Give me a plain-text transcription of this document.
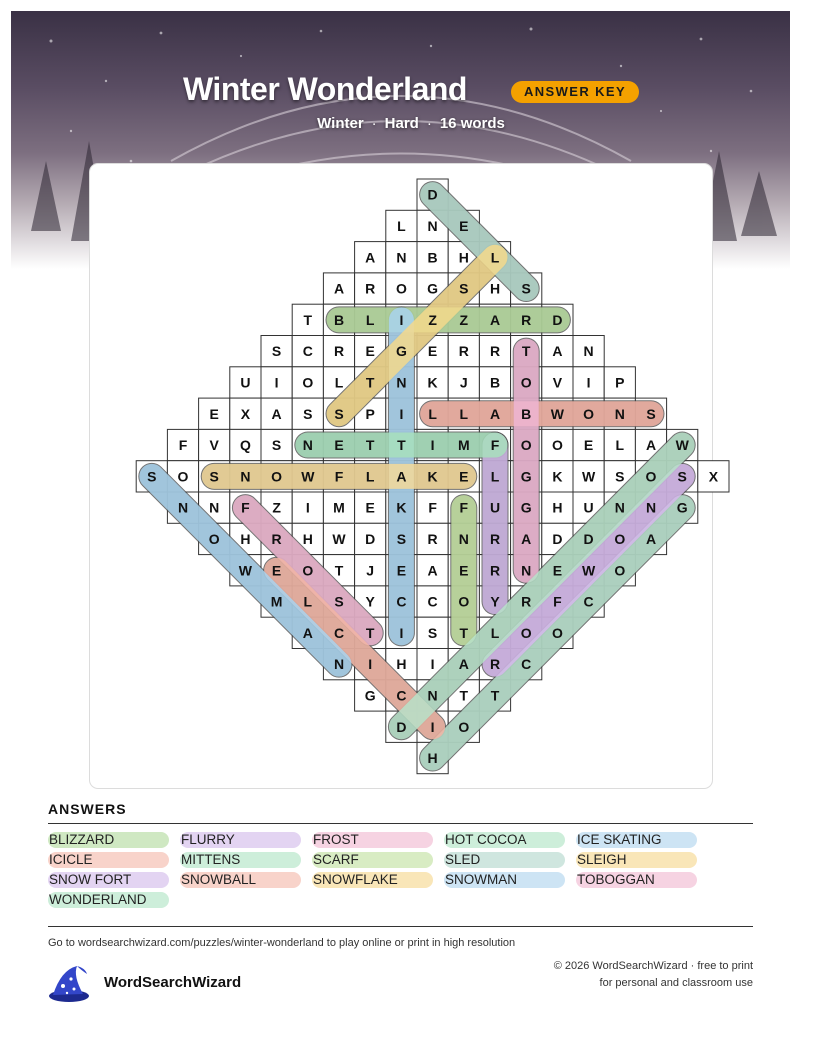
Winter Wonderland	ANSWER KEY
Winter · Hard · 16 words
D
L N E
A N B H L
A R O G S H S
T B L I Z Z A R D
S C R E G E R R T A N
U I O L T N K J B O V I P
E X A S S P I L L A B W O N S
F V Q S N E T T I M F O O E L A W
S O S N O W F L A K E L G K W S O S X
N N F Z I M E K F F U G H U N N G
O H R H W D S R N R A D D O A
W E O T J E A E R N E W O
M L S Y C C O Y R F C
A C T I S T L O O
N I H I A R C
G C N T T
D I O
H
ANSWERS
BLIZZARD
ICICLE
SNOW FORT
WONDERLAND
FLURRY
MITTENS
SNOWBALL
FROST
SCARF
SNOWFLAKE
HOT COCOA
SLED
SNOWMAN
ICE SKATING
SLEIGH
TOBOGGAN
Go to wordsearchwizard.com/puzzles/winter-wonderland to play online or print in high resolution
WordSearchWizard
© 2026 WordSearchWizard · free to print for personal and classroom use
